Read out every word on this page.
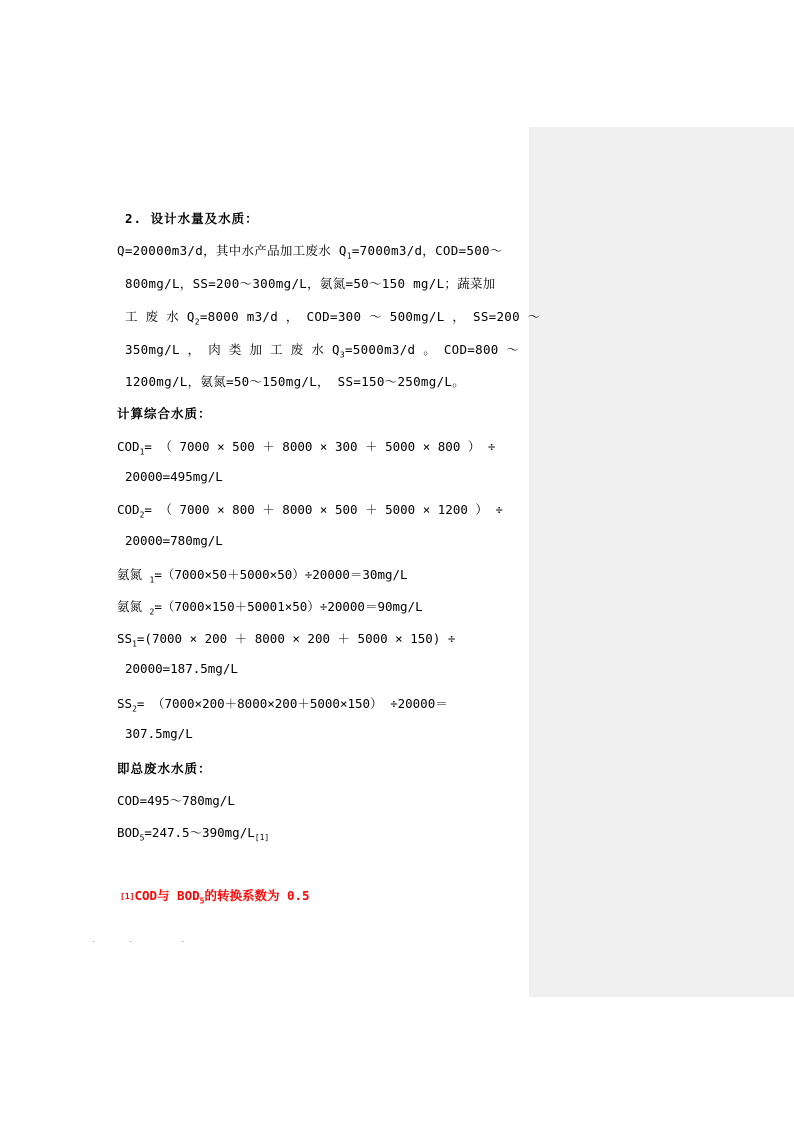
2. 设计水量及水质：
Q=20000m3/d，其中水产品加工废水 $Q_1=7000m3/d$，COD=500～
800mg/L，SS=200～300mg/L，氨氮=50～150 mg/L；蔬菜加
工 废 水 $Q_2=8000$ m3/d ， COD=300 ～ 500mg/L ， SS=200 ～
350mg/L ， 肉 类 加 工 废 水 $Q_3=5000m3/d$ 。 COD=800 ～
1200mg/L，氨氮=50～150mg/L， SS=150～250mg/L。
计算综合水质：
$COD_1=$ （ 7000 × 500 ＋ 8000 × 300 ＋ 5000 × 800 ） ÷
20000=495mg/L
$COD_2=$ （ 7000 × 800 ＋ 8000 × 500 ＋ 5000 × 1200 ） ÷
20000=780mg/L
氨氮 $_1$=（7000×50＋5000×50）÷20000＝30mg/L
氨氮 $_2$=（7000×150＋50001×50）÷20000＝90mg/L
$SS_1=(7000 \times 200 + 8000 \times 200 + 5000 \times 150)$ ÷
20000=187.5mg/L
$SS_2= (7000\times 200+8000\times 200+5000\times 150) \div 20000=$
307.5mg/L
即总废水水质：
COD=495～780mg/L
$BOD_5=247.5\sim 390mg/L_{[1]}$
[1]COD与 $BOD_5$的转换系数为 0.5
.	.	.
